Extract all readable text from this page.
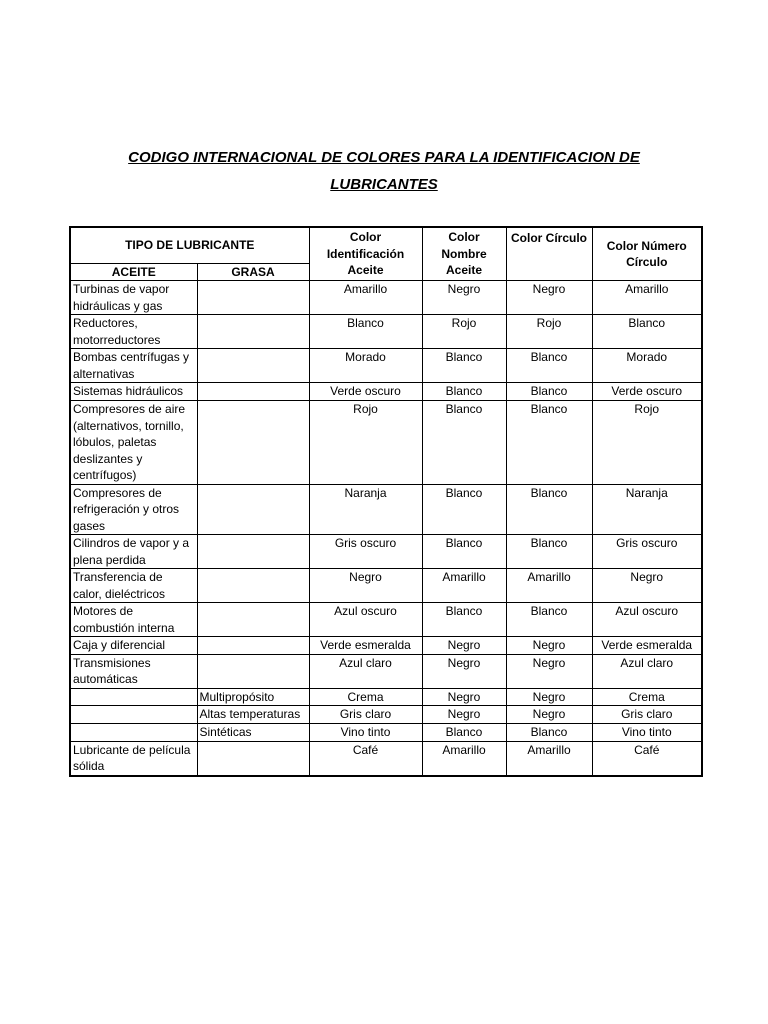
CODIGO INTERNACIONAL DE COLORES PARA LA IDENTIFICACION DE
LUBRICANTES
TIPO DE LUBRICANTE		Color Identificación Aceite	Color Nombre Aceite	Color Círculo	Color Número Círculo
ACEITE	GRASA				
Turbinas de vapor hidráulicas y gas		Amarillo	Negro	Negro	Amarillo
Reductores, motorreductores		Blanco	Rojo	Rojo	Blanco
Bombas centrífugas y alternativas		Morado	Blanco	Blanco	Morado
Sistemas hidráulicos		Verde oscuro	Blanco	Blanco	Verde oscuro
Compresores de aire (alternativos, tornillo, lóbulos, paletas deslizantes y centrífugos)		Rojo	Blanco	Blanco	Rojo
Compresores de refrigeración y otros gases		Naranja	Blanco	Blanco	Naranja
Cilindros de vapor y a plena perdida		Gris oscuro	Blanco	Blanco	Gris oscuro
Transferencia de calor, dieléctricos		Negro	Amarillo	Amarillo	Negro
Motores de combustión interna		Azul oscuro	Blanco	Blanco	Azul oscuro
Caja y diferencial		Verde esmeralda	Negro	Negro	Verde esmeralda
Transmisiones automáticas		Azul claro	Negro	Negro	Azul claro
	Multipropósito	Crema	Negro	Negro	Crema
	Altas temperaturas	Gris claro	Negro	Negro	Gris claro
	Sintéticas	Vino tinto	Blanco	Blanco	Vino tinto
Lubricante de película sólida		Café	Amarillo	Amarillo	Café
